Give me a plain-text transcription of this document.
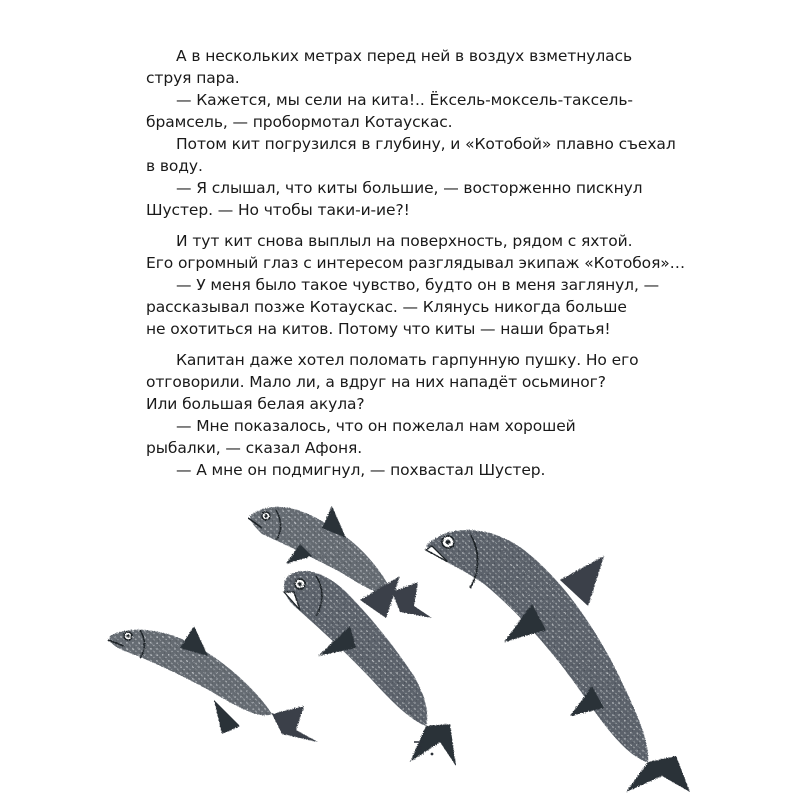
А в нескольких метрах перед ней в воздух взметнулась
струя пара.
— Кажется, мы сели на кита!.. Ёксель-моксель-таксель-
брамсель, — пробормотал Котаускас.
Потом кит погрузился в глубину, и «Котобой» плавно съехал
в воду.
— Я слышал, что киты большие, — восторженно пискнул
Шустер. — Но чтобы таки-и-ие?!
И тут кит снова выплыл на поверхность, рядом с яхтой.
Его огромный глаз с интересом разглядывал экипаж «Котобоя»…
— У меня было такое чувство, будто он в меня заглянул, —
рассказывал позже Котаускас. — Клянусь никогда больше
не охотиться на китов. Потому что киты — наши братья!
Капитан даже хотел поломать гарпунную пушку. Но его
отговорили. Мало ли, а вдруг на них нападёт осьминог?
Или большая белая акула?
— Мне показалось, что он пожелал нам хорошей
рыбалки, — сказал Афоня.
— А мне он подмигнул, — похвастал Шустер.
